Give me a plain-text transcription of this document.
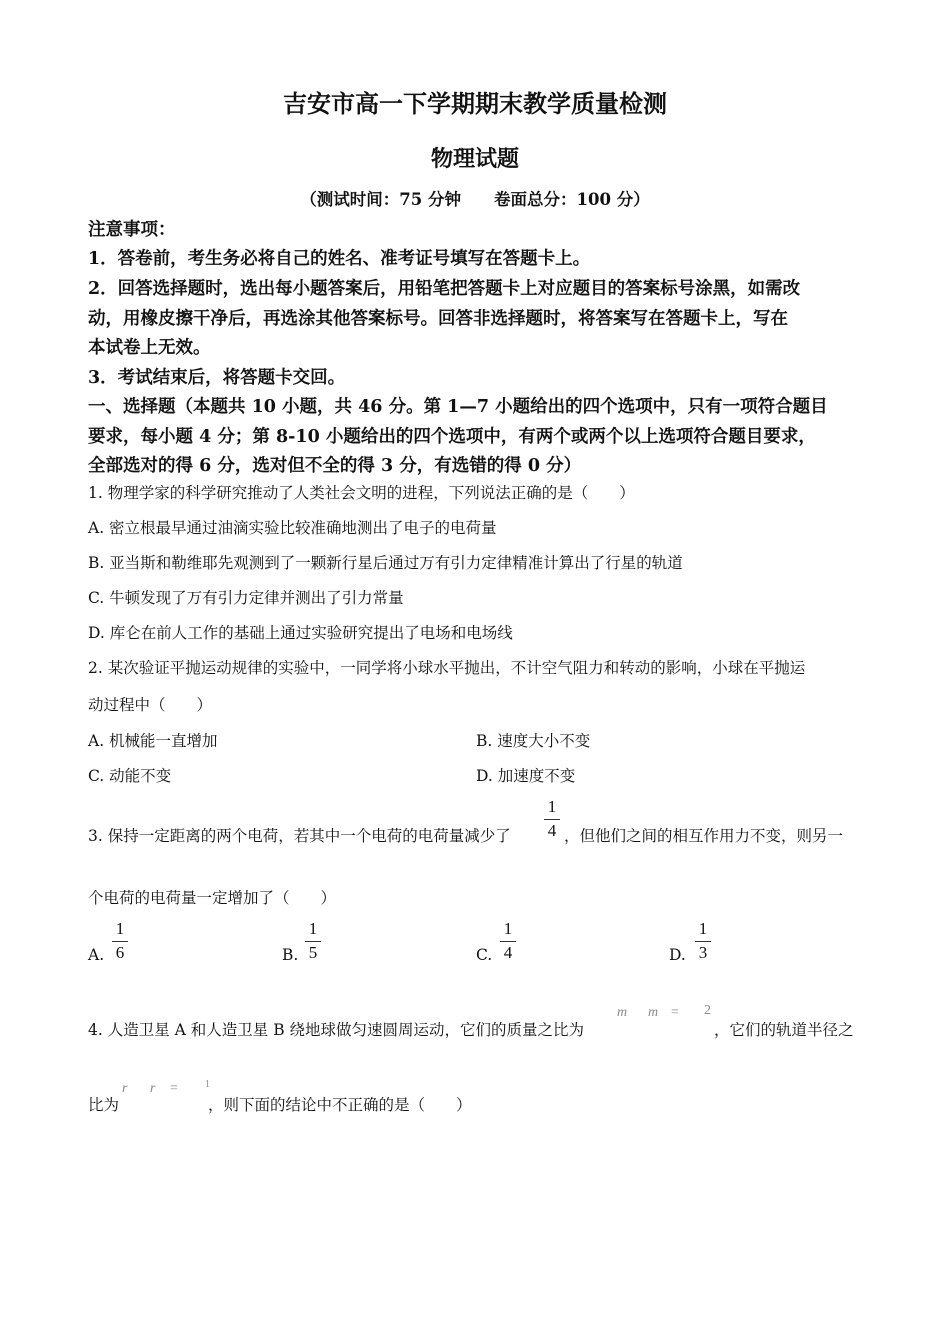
吉安市高一下学期期末教学质量检测
物理试题
（测试时间：75 分钟　　卷面总分：100 分）
注意事项：
1．答卷前，考生务必将自己的姓名、准考证号填写在答题卡上。
2．回答选择题时，选出每小题答案后，用铅笔把答题卡上对应题目的答案标号涂黑，如需改
动，用橡皮擦干净后，再选涂其他答案标号。回答非选择题时，将答案写在答题卡上，写在
本试卷上无效。
3．考试结束后，将答题卡交回。
一、选择题（本题共 10 小题，共 46 分。第 1—7 小题给出的四个选项中，只有一项符合题目
要求，每小题 4 分；第 8-10 小题给出的四个选项中，有两个或两个以上选项符合题目要求，
全部选对的得 6 分，选对但不全的得 3 分，有选错的得 0 分）
1. 物理学家的科学研究推动了人类社会文明的进程，下列说法正确的是（　　）
A. 密立根最早通过油滴实验比较准确地测出了电子的电荷量
B. 亚当斯和勒维耶先观测到了一颗新行星后通过万有引力定律精准计算出了行星的轨道
C. 牛顿发现了万有引力定律并测出了引力常量
D. 库仑在前人工作的基础上通过实验研究提出了电场和电场线
2. 某次验证平抛运动规律的实验中，一同学将小球水平抛出，不计空气阻力和转动的影响，小球在平抛运
动过程中（　　）
A. 机械能一直增加	B. 速度大小不变
C. 动能不变	D. 加速度不变
3. 保持一定距离的两个电荷，若其中一个电荷的电荷量减少了
1
4 ，但他们之间的相互作用力不变，则另一
个电荷的电荷量一定增加了（　　）
A.
1
6	B.
1
5	C.
1
4	D.
1
3
4. 人造卫星 A 和人造卫星 B 绕地球做匀速圆周运动，它们的质量之比为
m m = 2
，它们的轨道半径之
比为
r r =	1
，则下面的结论中不正确的是（　　）
